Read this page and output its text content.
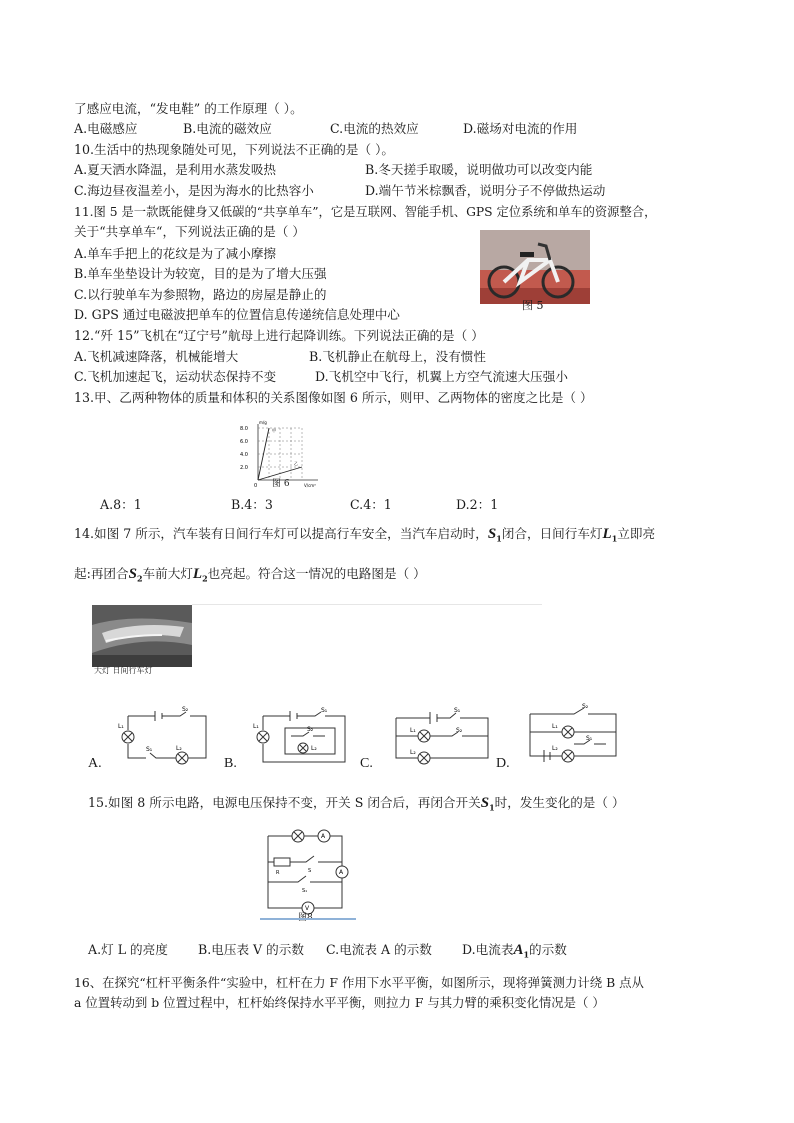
了感应电流，“发电鞋” 的工作原理（ ）。
A.电磁感应	B.电流的磁效应	C.电流的热效应	D.磁场对电流的作用
10.生活中的热现象随处可见，下列说法不正确的是（ ）。
A.夏天洒水降温，是利用水蒸发吸热	B.冬天搓手取暖，说明做功可以改变内能
C.海边昼夜温差小，是因为海水的比热容小	D.端午节米棕飘香，说明分子不停做热运动
11.图 5 是一款既能健身又低碳的“共享单车”，它是互联网、智能手机、GPS 定位系统和单车的资源整合，
关于“共享单车“，下列说法正确的是（ ）
A.单车手把上的花纹是为了减小摩擦
B.单车坐垫设计为较宽，目的是为了增大压强
C.以行驶单车为参照物，路边的房屋是静止的
D. GPS 通过电磁波把单车的位置信息传递统信息处理中心
图 5
12.“歼 15”飞机在“辽宁号”航母上进行起降训练。下列说法正确的是（ ）
A.飞机减速降落，机械能增大	B.飞机静止在航母上，没有惯性
C.飞机加速起飞，运动状态保持不变	D.飞机空中飞行，机翼上方空气流速大压强小
13.甲、乙两种物体的质量和体积的关系图像如图 6 所示，则甲、乙两物体的密度之比是（ ）
8.0
6.0
4.0
2.0
0
m/g
甲
乙
V/cm³
图 6
A.8：1	B.4：3	C.4：1	D.2：1
14.如图 7 所示，汽车装有日间行车灯可以提高行车安全，当汽车启动时，$S_1$闭合，日间行车灯$L_1$立即亮
起:再团合$S_2$车前大灯$L_2$也亮起。符合这一情况的电路图是（ ）
大灯 日间行车灯
L₁
S₂
S₁	L₂
A.
L₁
S₁
S₂
L₂
B.
L₁
S₁
S₂
L₂
C.
S₂
L₁
L₂
S₁
D.
15.如图 8 所示电路，电源电压保持不变，开关 S 闭合后，再闭合开关$S_1$时，发生变化的是（ ）
A
A
V
R	S
S₁
A.灯 L 的亮度 B.电压表 V 的示数 C.电流表 A 的示数 D.电流表$A_1$的示数
16、在探究“杠杆平衡条件“实验中，杠杆在力 F 作用下水平平衡，如图所示，现将弹簧测力计绕 B 点从
a 位置转动到 b 位置过程中，杠杆始终保持水平平衡，则拉力 F 与其力臂的乘积变化情况是（ ）
